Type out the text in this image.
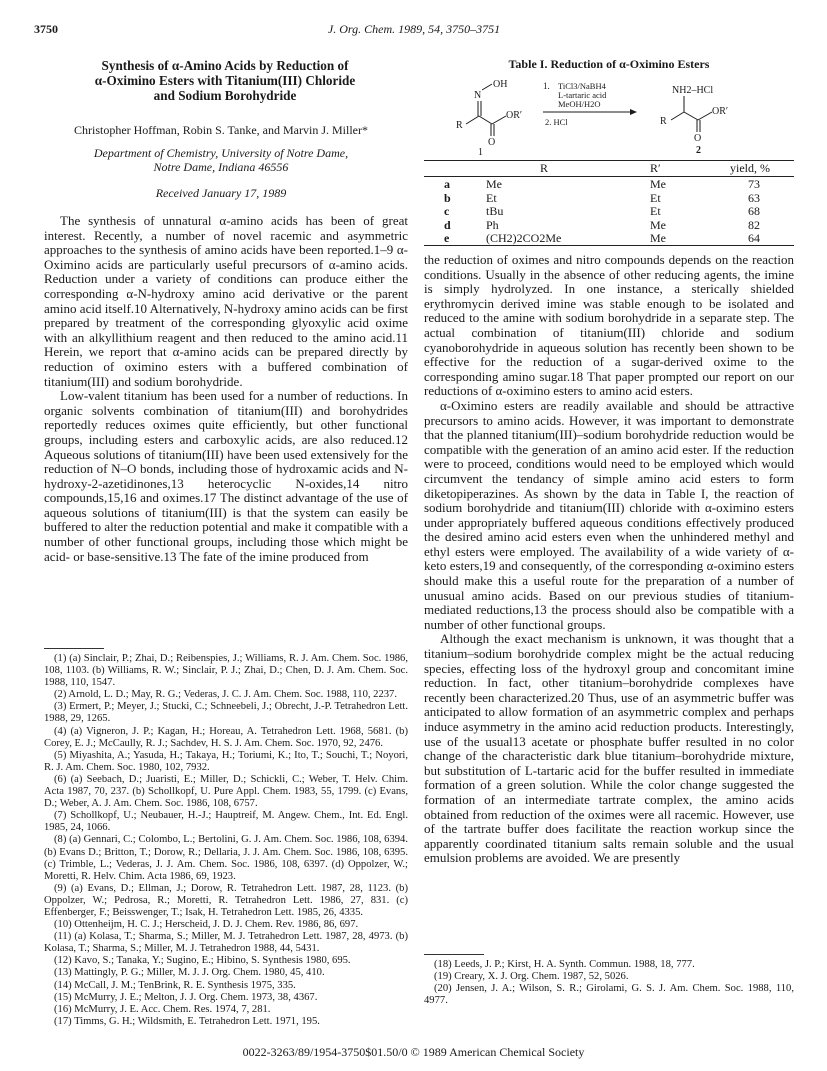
3750	J. Org. Chem. 1989, 54, 3750–3751
Synthesis of α-Amino Acids by Reduction of
α-Oximino Esters with Titanium(III) Chloride
and Sodium Borohydride
Christopher Hoffman, Robin S. Tanke, and Marvin J. Miller*
Department of Chemistry, University of Notre Dame,
Notre Dame, Indiana 46556
Received January 17, 1989

The synthesis of unnatural α-amino acids has been of great interest. Recently, a number of novel racemic and asymmetric approaches to the synthesis of amino acids have been reported.1–9 α-Oximino acids are particularly useful precursors of α-amino acids. Reduction under a variety of conditions can produce either the corresponding α-N-hydroxy amino acid derivative or the parent amino acid itself.10 Alternatively, N-hydroxy amino acids can be first prepared by treatment of the corresponding glyoxylic acid oxime with an alkyllithium reagent and then reduced to the amino acid.11 Herein, we report that α-amino acids can be prepared directly by reduction of oximino esters with a buffered combination of titanium(III) and sodium borohydride.

Low-valent titanium has been used for a number of reductions. In organic solvents combination of titanium(III) and borohydrides reportedly reduces oximes quite efficiently, but other functional groups, including esters and carboxylic acids, are also reduced.12 Aqueous solutions of titanium(III) have been used extensively for the reduction of N–O bonds, including those of hydroxamic acids and N-hydroxy-2-azetidinones,13 heterocyclic N-oxides,14 nitro compounds,15,16 and oximes.17 The distinct advantage of the use of aqueous solutions of titanium(III) is that the system can easily be buffered to alter the reduction potential and make it compatible with a number of other functional groups, including those which might be acid- or base-sensitive.13 The fate of the imine produced from

(1) (a) Sinclair, P.; Zhai, D.; Reibenspies, J.; Williams, R. J. Am. Chem. Soc. 1986, 108, 1103. (b) Williams, R. W.; Sinclair, P. J.; Zhai, D.; Chen, D. J. Am. Chem. Soc. 1988, 110, 1547.
(2) Arnold, L. D.; May, R. G.; Vederas, J. C. J. Am. Chem. Soc. 1988, 110, 2237.
(3) Ermert, P.; Meyer, J.; Stucki, C.; Schneebeli, J.; Obrecht, J.-P. Tetrahedron Lett. 1988, 29, 1265.
(4) (a) Vigneron, J. P.; Kagan, H.; Horeau, A. Tetrahedron Lett. 1968, 5681. (b) Corey, E. J.; McCaully, R. J.; Sachdev, H. S. J. Am. Chem. Soc. 1970, 92, 2476.
(5) Miyashita, A.; Yasuda, H.; Takaya, H.; Toriumi, K.; Ito, T.; Souchi, T.; Noyori, R. J. Am. Chem. Soc. 1980, 102, 7932.
(6) (a) Seebach, D.; Juaristi, E.; Miller, D.; Schickli, C.; Weber, T. Helv. Chim. Acta 1987, 70, 237. (b) Schollkopf, U. Pure Appl. Chem. 1983, 55, 1799. (c) Evans, D.; Weber, A. J. Am. Chem. Soc. 1986, 108, 6757.
(7) Schollkopf, U.; Neubauer, H.-J.; Hauptreif, M. Angew. Chem., Int. Ed. Engl. 1985, 24, 1066.
(8) (a) Gennari, C.; Colombo, L.; Bertolini, G. J. Am. Chem. Soc. 1986, 108, 6394. (b) Evans D.; Britton, T.; Dorow, R.; Dellaria, J. J. Am. Chem. Soc. 1986, 108, 6395. (c) Trimble, L.; Vederas, J. J. Am. Chem. Soc. 1986, 108, 6397. (d) Oppolzer, W.; Moretti, R. Helv. Chim. Acta 1986, 69, 1923.
(9) (a) Evans, D.; Ellman, J.; Dorow, R. Tetrahedron Lett. 1987, 28, 1123. (b) Oppolzer, W.; Pedrosa, R.; Moretti, R. Tetrahedron Lett. 1986, 27, 831. (c) Effenberger, F.; Beisswenger, T.; Isak, H. Tetrahedron Lett. 1985, 26, 4335.
(10) Ottenheijm, H. C. J.; Herscheid, J. D. J. Chem. Rev. 1986, 86, 697.
(11) (a) Kolasa, T.; Sharma, S.; Miller, M. J. Tetrahedron Lett. 1987, 28, 4973. (b) Kolasa, T.; Sharma, S.; Miller, M. J. Tetrahedron 1988, 44, 5431.
(12) Kavo, S.; Tanaka, Y.; Sugino, E.; Hibino, S. Synthesis 1980, 695.
(13) Mattingly, P. G.; Miller, M. J. J. Org. Chem. 1980, 45, 410.
(14) McCall, J. M.; TenBrink, R. E. Synthesis 1975, 335.
(15) McMurry, J. E.; Melton, J. J. Org. Chem. 1973, 38, 4367.
(16) McMurry, J. E. Acc. Chem. Res. 1974, 7, 281.
(17) Timms, G. H.; Wildsmith, E. Tetrahedron Lett. 1971, 195.
Table I. Reduction of α-Oximino Esters
OH
N
OR′
R
O
1
1. TiCl3/NaBH4
L-tartaric acid
MeOH/H2O
2. HCl
NH2–HCl
OR′
R
O
2
R	R′	yield, %
a	Me	Me	73
b	Et	Et	63
c	tBu	Et	68
d	Ph	Me	82
e	(CH2)2CO2Me	Me	64

the reduction of oximes and nitro compounds depends on the reaction conditions. Usually in the absence of other reducing agents, the imine is simply hydrolyzed. In one instance, a sterically shielded erythromycin derived imine was stable enough to be isolated and reduced to the amine with sodium borohydride in a separate step. The actual combination of titanium(III) chloride and sodium cyanoborohydride in aqueous solution has recently been shown to be effective for the reduction of a sugar-derived oxime to the corresponding amino sugar.18 That paper prompted our report on our reductions of α-oximino esters to amino acid esters.

α-Oximino esters are readily available and should be attractive precursors to amino acids. However, it was important to demonstrate that the planned titanium(III)–sodium borohydride reduction would be compatible with the generation of an amino acid ester. If the reduction were to proceed, conditions would need to be employed which would circumvent the tendancy of simple amino acid esters to form diketopiperazines. As shown by the data in Table I, the reaction of sodium borohydride and titanium(III) chloride with α-oximino esters under appropriately buffered aqueous conditions effectively produced the desired amino acid esters even when the unhindered methyl and ethyl esters were employed. The availability of a wide variety of α-keto esters,19 and consequently, of the corresponding α-oximino esters should make this a useful route for the preparation of a number of unusual amino acids. Based on our previous studies of titanium-mediated reductions,13 the process should also be compatible with a number of other functional groups.

Although the exact mechanism is unknown, it was thought that a titanium–sodium borohydride complex might be the actual reducing species, effecting loss of the hydroxyl group and concomitant imine reduction. In fact, other titanium–borohydride complexes have recently been characterized.20 Thus, use of an asymmetric buffer was anticipated to allow formation of an asymmetric complex and perhaps induce asymmetry in the amino acid reduction products. Interestingly, use of the usual13 acetate or phosphate buffer resulted in no color change of the characteristic dark blue titanium–borohydride mixture, but substitution of L-tartaric acid for the buffer resulted in immediate formation of a green solution. While the color change suggested the formation of an intermediate tartrate complex, the amino acids obtained from reduction of the oximes were all racemic. However, use of the tartrate buffer does facilitate the reaction workup since the apparently coordinated titanium salts remain soluble and the usual emulsion problems are avoided. We are presently

(18) Leeds, J. P.; Kirst, H. A. Synth. Commun. 1988, 18, 777.
(19) Creary, X. J. Org. Chem. 1987, 52, 5026.
(20) Jensen, J. A.; Wilson, S. R.; Girolami, G. S. J. Am. Chem. Soc. 1988, 110, 4977.
0022-3263/89/1954-3750$01.50/0 © 1989 American Chemical Society
